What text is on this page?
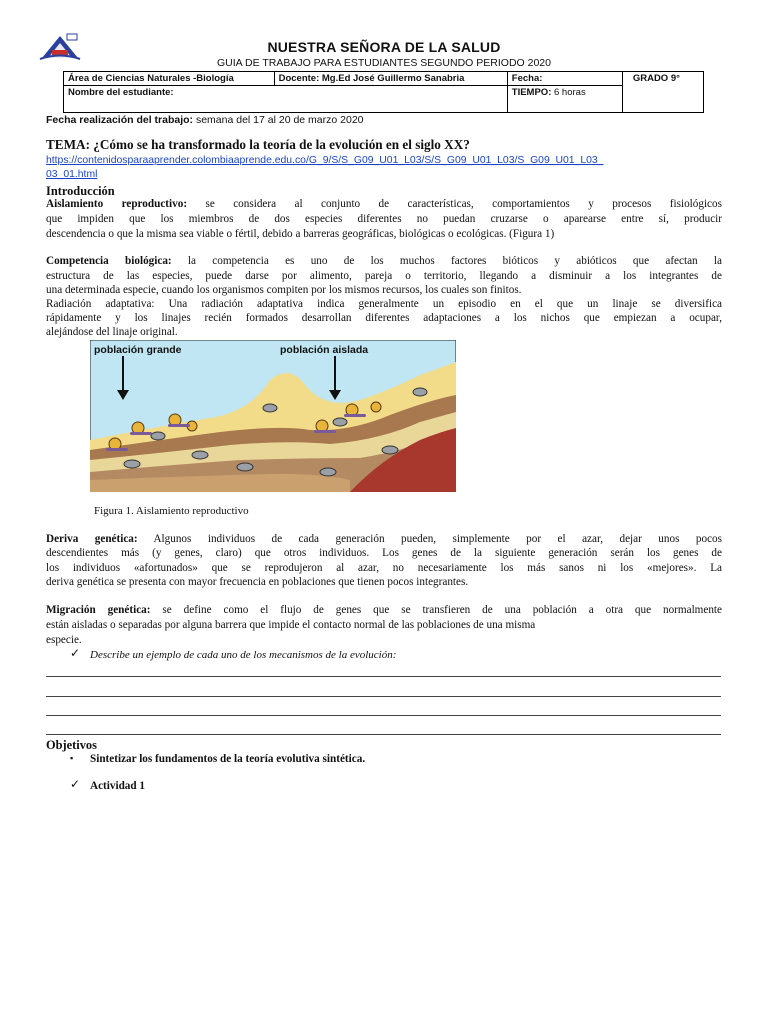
NUESTRA SEÑORA DE LA SALUD
GUIA DE TRABAJO PARA ESTUDIANTES SEGUNDO PERIODO 2020
Área de Ciencias Naturales -Biología	Docente: Mg.Ed José Guillermo Sanabria	Fecha:	GRADO 9°
Nombre del estudiante:		TIEMPO: 6 horas	
Fecha realización del trabajo: semana del 17 al 20 de marzo 2020
TEMA: ¿Cómo se ha transformado la teoría de la evolución en el siglo XX?
https://contenidosparaaprender.colombiaaprende.edu.co/G_9/S/S_G09_U01_L03/S/S_G09_U01_L03/S_G09_U01_L03_
03_01.html
Introducción
Aislamiento reproductivo: se considera al conjunto de características, comportamientos y procesos fisiológicos
que impiden que los miembros de dos especies diferentes no puedan cruzarse o aparearse entre sí, producir
descendencia o que la misma sea viable o fértil, debido a barreras geográficas, biológicas o ecológicas. (Figura 1)
Competencia biológica: la competencia es uno de los muchos factores bióticos y abióticos que afectan la
estructura de las especies, puede darse por alimento, pareja o territorio, llegando a disminuir a los integrantes de
una determinada especie, cuando los organismos compiten por los mismos recursos, los cuales son finitos.
Radiación adaptativa: Una radiación adaptativa indica generalmente un episodio en el que un linaje se diversifica
rápidamente y los linajes recién formados desarrollan diferentes adaptaciones a los nichos que empiezan a ocupar,
alejándose del linaje original.
población grande	población aislada
Figura 1. Aislamiento reproductivo
Deriva genética: Algunos individuos de cada generación pueden, simplemente por el azar, dejar unos pocos
descendientes más (y genes, claro) que otros individuos. Los genes de la siguiente generación serán los genes de
los individuos «afortunados» que se reprodujeron al azar, no necesariamente los más sanos ni los «mejores». La
deriva genética se presenta con mayor frecuencia en poblaciones que tienen pocos integrantes.
Migración genética: se define como el flujo de genes que se transfieren de una población a otra que normalmente
están aisladas o separadas por alguna barrera que impide el contacto normal de las poblaciones de una misma
especie.
✓ Describe un ejemplo de cada uno de los mecanismos de la evolución:
Objetivos
▪ Sintetizar los fundamentos de la teoría evolutiva sintética.
✓ Actividad 1
